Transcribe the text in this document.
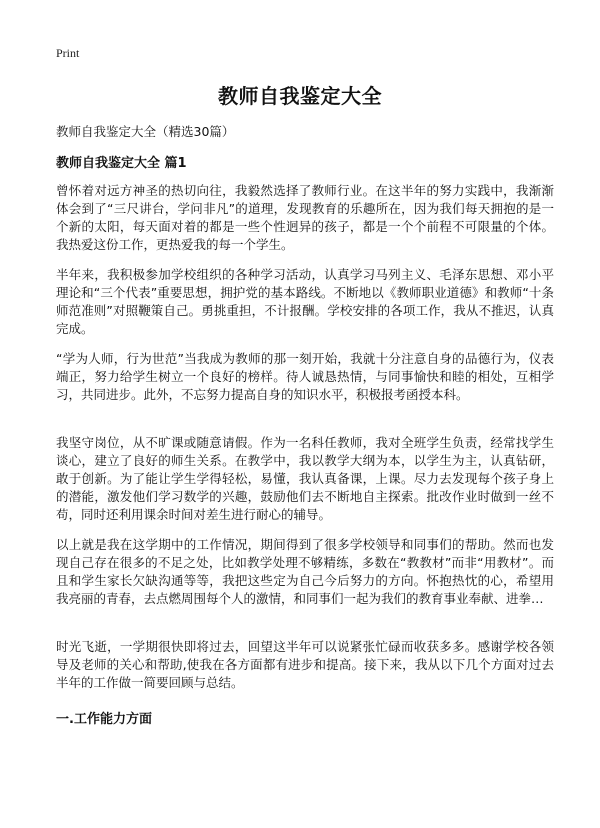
Print
教师自我鉴定大全
教师自我鉴定大全（精选30篇）
教师自我鉴定大全 篇1
曾怀着对远方神圣的热切向往，我毅然选择了教师行业。在这半年的努力实践中，我渐渐体会到了“三尺讲台，学问非凡”的道理，发现教育的乐趣所在，因为我们每天拥抱的是一个新的太阳，每天面对着的都是一些个性迥异的孩子，都是一个个前程不可限量的个体。我热爱这份工作，更热爱我的每一个学生。
半年来，我积极参加学校组织的各种学习活动，认真学习马列主义、毛泽东思想、邓小平理论和“三个代表”重要思想，拥护党的基本路线。不断地以《教师职业道德》和教师“十条师范准则”对照鞭策自己。勇挑重担，不计报酬。学校安排的各项工作，我从不推迟，认真完成。
“学为人师，行为世范”当我成为教师的那一刻开始，我就十分注意自身的品德行为，仪表端正，努力给学生树立一个良好的榜样。待人诚恳热情，与同事愉快和睦的相处，互相学习，共同进步。此外，不忘努力提高自身的知识水平，积极报考函授本科。
我坚守岗位，从不旷课或随意请假。作为一名科任教师，我对全班学生负责，经常找学生谈心，建立了良好的师生关系。在教学中，我以教学大纲为本，以学生为主，认真钻研，敢于创新。为了能让学生学得轻松，易懂，我认真备课，上课。尽力去发现每个孩子身上的潜能，激发他们学习数学的兴趣，鼓励他们去不断地自主探索。批改作业时做到一丝不苟，同时还利用课余时间对差生进行耐心的辅导。
以上就是我在这学期中的工作情况，期间得到了很多学校领导和同事们的帮助。然而也发现自己存在很多的不足之处，比如教学处理不够精练，多数在“教教材”而非“用教材”。而且和学生家长欠缺沟通等等，我把这些定为自己今后努力的方向。怀抱热忱的心，希望用我亮丽的青春，去点燃周围每个人的激情，和同事们一起为我们的教育事业奉献、进拳…
时光飞逝，一学期很快即将过去，回望这半年可以说紧张忙碌而收获多多。感谢学校各领导及老师的关心和帮助,使我在各方面都有进步和提高。接下来，我从以下几个方面对过去半年的工作做一简要回顾与总结。
一.工作能力方面
